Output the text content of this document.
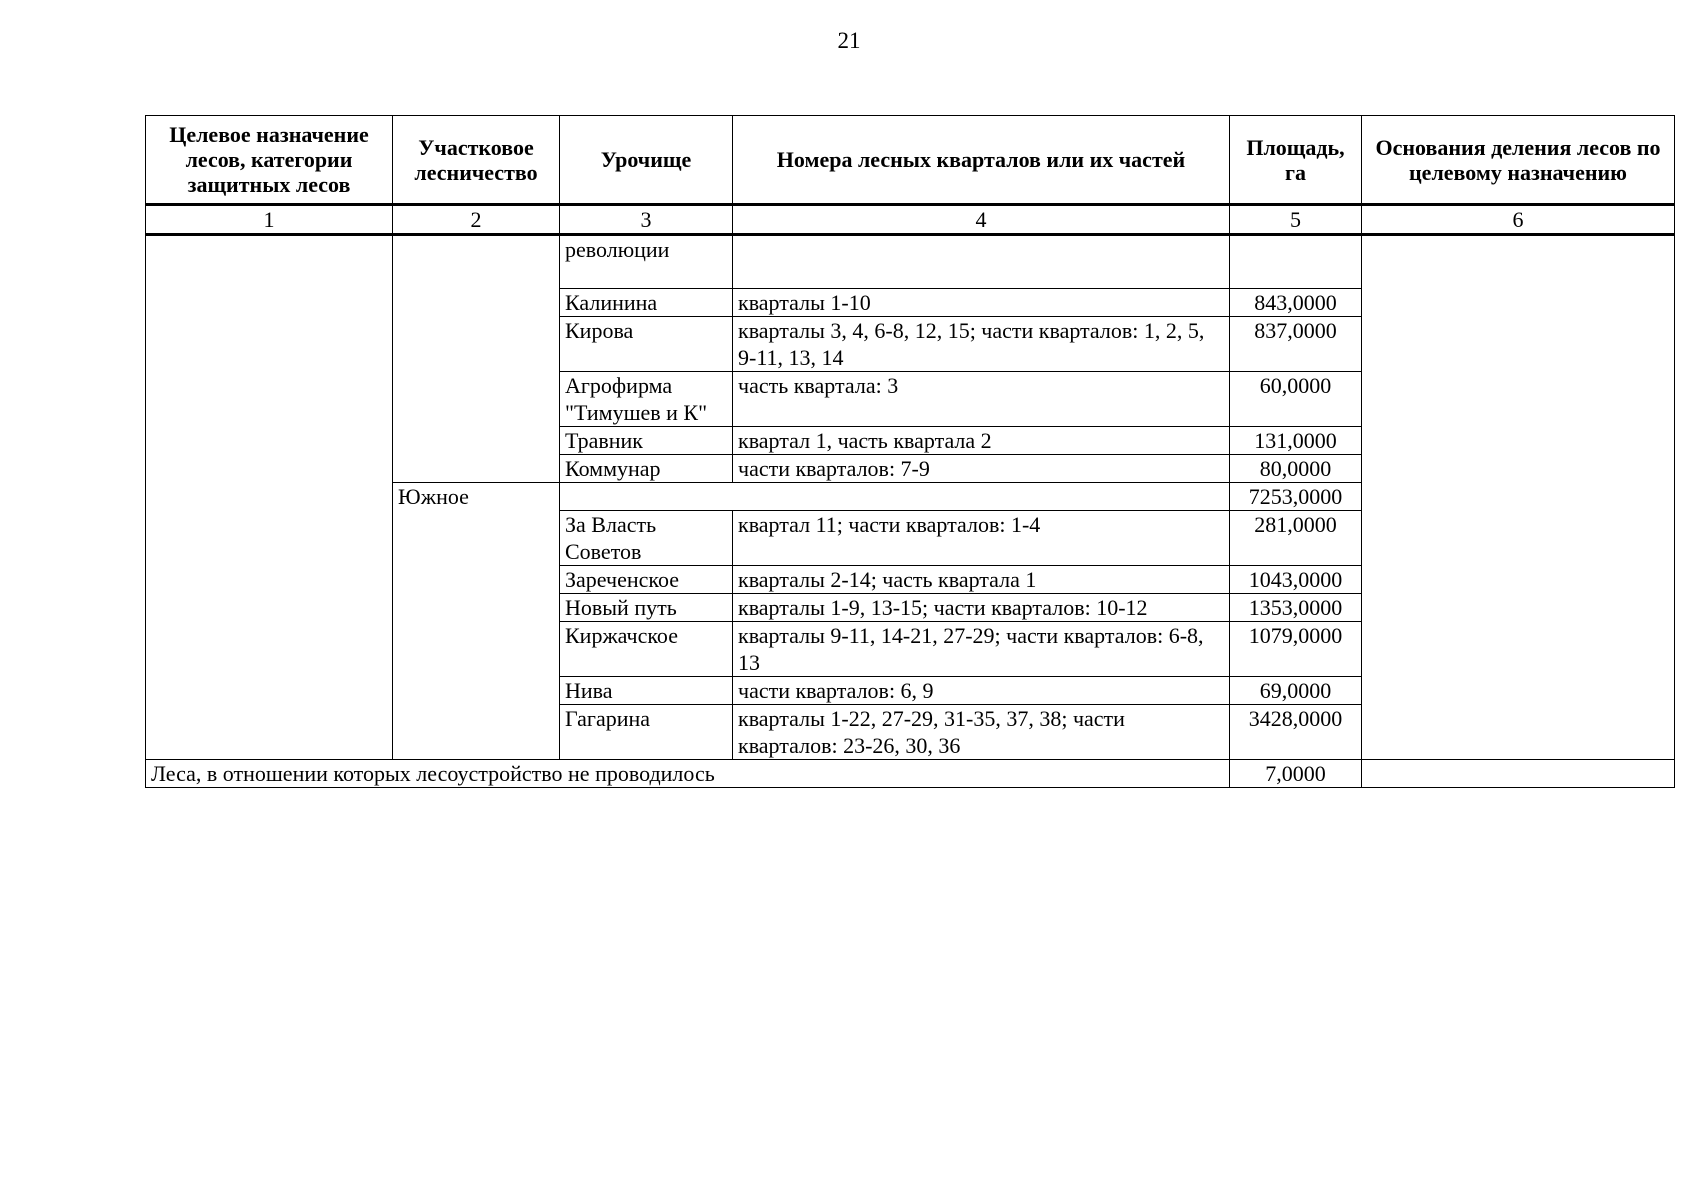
21
Целевое назначение лесов, категории защитных лесов	Участковое лесничество	Урочище	Номера лесных кварталов или их частей	Площадь, га	Основания деления лесов по целевому назначению
1	2	3	4	5	6
		революции			
		Калинина	кварталы 1-10	843,0000	
		Кирова	кварталы 3, 4, 6-8, 12, 15; части кварталов: 1, 2, 5, 9-11, 13, 14	837,0000	
		Агрофирма "Тимушев и К"	часть квартала: 3	60,0000	
		Травник	квартал 1, часть квартала 2	131,0000	
		Коммунар	части кварталов: 7-9	80,0000	
	Южное			7253,0000	
		За Власть Советов	квартал 11; части кварталов: 1-4	281,0000	
		Зареченское	кварталы 2-14; часть квартала 1	1043,0000	
		Новый путь	кварталы 1-9, 13-15; части кварталов: 10-12	1353,0000	
		Киржачское	кварталы 9-11, 14-21, 27-29; части кварталов: 6-8, 13	1079,0000	
		Нива	части кварталов: 6, 9	69,0000	
		Гагарина	кварталы 1-22, 27-29, 31-35, 37, 38; части кварталов: 23-26, 30, 36	3428,0000	
Леса, в отношении которых лесоустройство не проводилось				7,0000	
